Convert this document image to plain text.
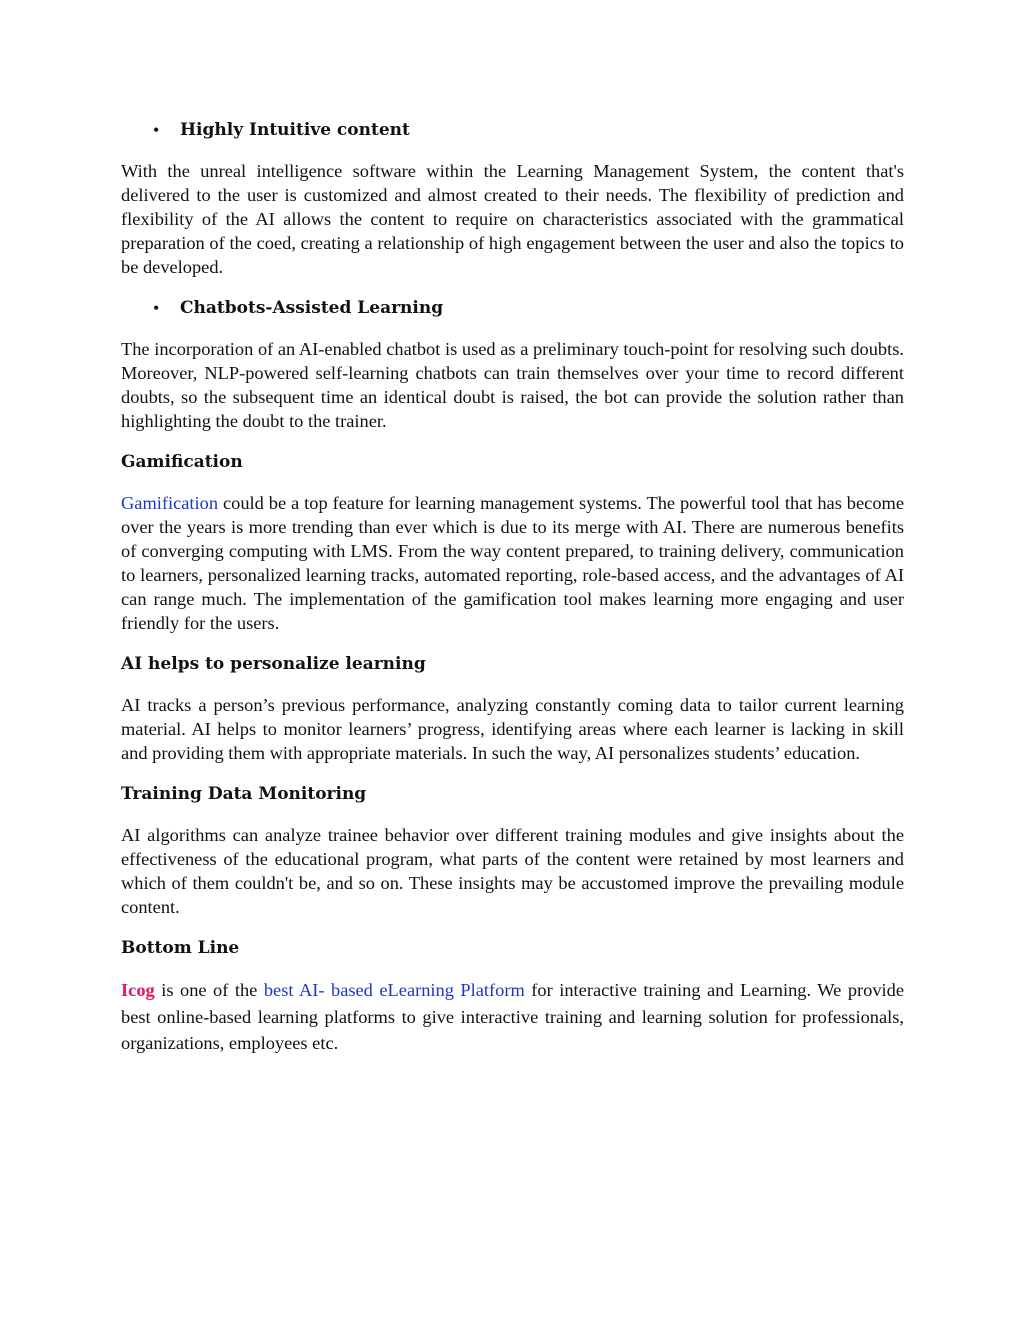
• Highly Intuitive content

With the unreal intelligence software within the Learning Management System, the content that's delivered to the user is customized and almost created to their needs. The flexibility of prediction and flexibility of the AI allows the content to require on characteristics associated with the grammatical preparation of the coed, creating a relationship of high engagement between the user and also the topics to be developed.

• Chatbots-Assisted Learning

The incorporation of an AI-enabled chatbot is used as a preliminary touch-point for resolving such doubts. Moreover, NLP-powered self-learning chatbots can train themselves over your time to record different doubts, so the subsequent time an identical doubt is raised, the bot can provide the solution rather than highlighting the doubt to the trainer.

Gamification

Gamification could be a top feature for learning management systems. The powerful tool that has become over the years is more trending than ever which is due to its merge with AI. There are numerous benefits of converging computing with LMS. From the way content prepared, to training delivery, communication to learners, personalized learning tracks, automated reporting, role-based access, and the advantages of AI can range much. The implementation of the gamification tool makes learning more engaging and user friendly for the users.

AI helps to personalize learning

AI tracks a person’s previous performance, analyzing constantly coming data to tailor current learning material. AI helps to monitor learners’ progress, identifying areas where each learner is lacking in skill and providing them with appropriate materials. In such the way, AI personalizes students’ education.

Training Data Monitoring

AI algorithms can analyze trainee behavior over different training modules and give insights about the effectiveness of the educational program, what parts of the content were retained by most learners and which of them couldn't be, and so on. These insights may be accustomed improve the prevailing module content.

Bottom Line

Icog is one of the best AI- based eLearning Platform for interactive training and Learning. We provide best online-based learning platforms to give interactive training and learning solution for professionals, organizations, employees etc.
